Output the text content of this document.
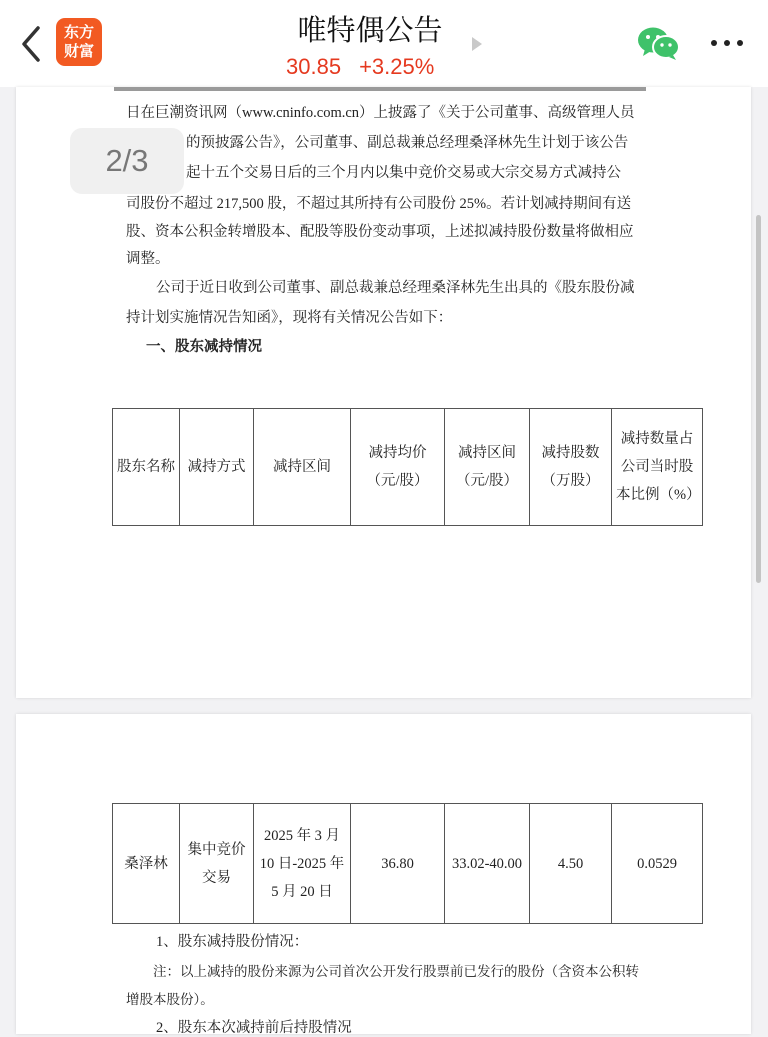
东方财富
唯特偶公告
30.85 +3.25%
日在巨潮资讯网（www.cninfo.com.cn）上披露了《关于公司董事、高级管理人员
的预披露公告》，公司董事、副总裁兼总经理桑泽林先生计划于该公告
起十五个交易日后的三个月内以集中竞价交易或大宗交易方式减持公
司股份不超过 217,500 股，不超过其所持有公司股份 25%。若计划减持期间有送
股、资本公积金转增股本、配股等股份变动事项，上述拟减持股份数量将做相应
调整。
公司于近日收到公司董事、副总裁兼总经理桑泽林先生出具的《股东股份减
持计划实施情况告知函》，现将有关情况公告如下：
一、股东减持情况
股东名称	减持方式	减持区间	减持均价（元/股）	减持区间（元/股）	减持股数（万股）	减持数量占公司当时股本比例（%）
2/3
桑泽林	集中竞价交易	2025 年 3 月 10 日-2025 年 5 月 20 日	36.80	33.02-40.00	4.50	0.0529
1、股东减持股份情况：
注：以上减持的股份来源为公司首次公开发行股票前已发行的股份（含资本公积转
增股本股份）。
2、股东本次减持前后持股情况
